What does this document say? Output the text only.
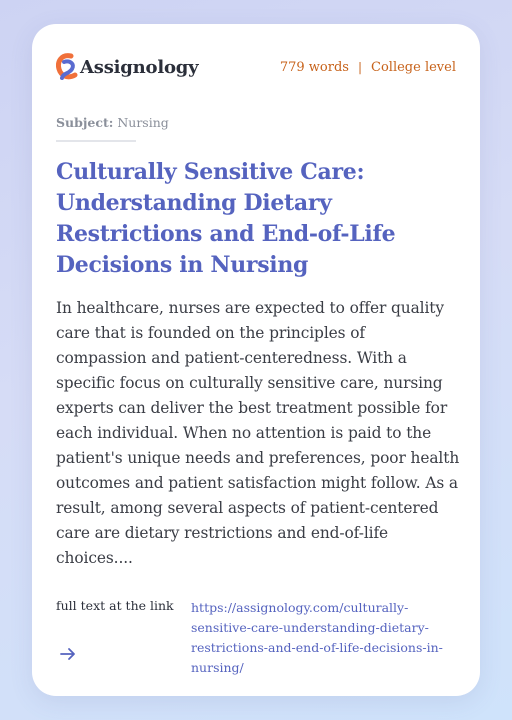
Assignology	779 words | College level
Subject: Nursing
Culturally Sensitive Care: Understanding Dietary Restrictions and End-of-Life Decisions in Nursing

In healthcare, nurses are expected to offer quality care that is founded on the principles of compassion and patient-centeredness. With a specific focus on culturally sensitive care, nursing experts can deliver the best treatment possible for each individual. When no attention is paid to the patient's unique needs and preferences, poor health outcomes and patient satisfaction might follow. As a result, among several aspects of patient-centered care are dietary restrictions and end-of-life choices....

full text at the link https://assignology.com/culturally-sensitive-care-understanding-dietary-restrictions-and-end-of-life-decisions-in-nursing/
